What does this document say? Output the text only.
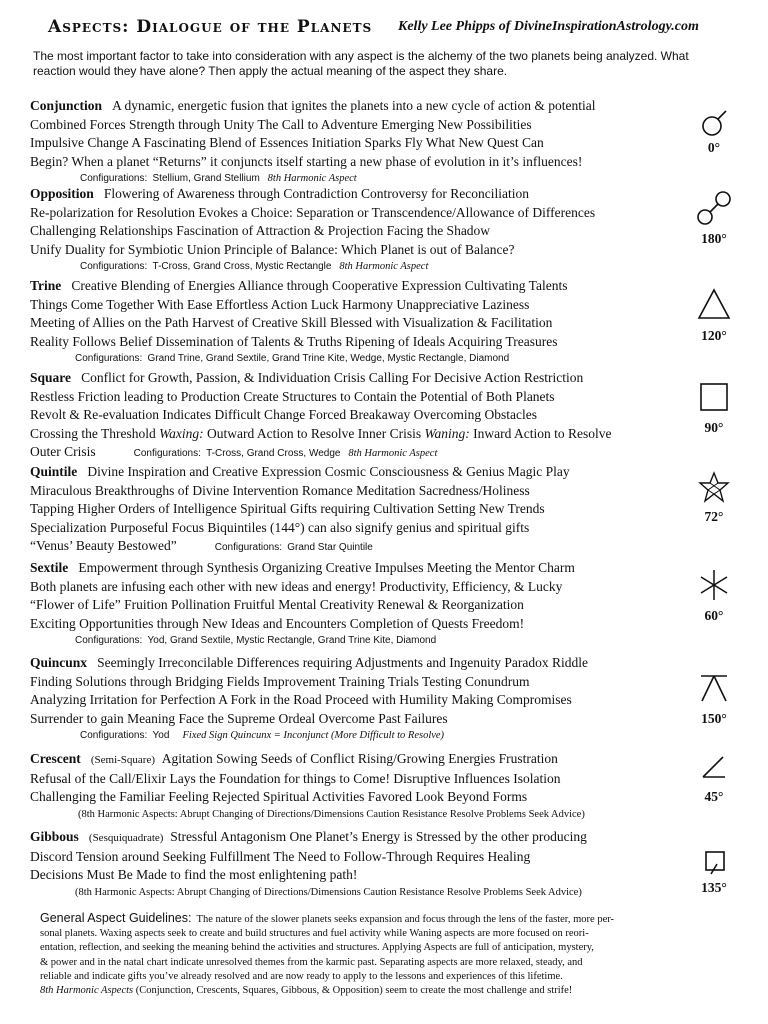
Aspects: Dialogue of the Planets Kelly Lee Phipps of DivineInspirationAstrology.com
The most important factor to take into consideration with any aspect is the alchemy of the two planets being analyzed. What reaction would they have alone? Then apply the actual meaning of the aspect they share.
Conjunction A dynamic, energetic fusion that ignites the planets into a new cycle of action & potential
Combined Forces Strength through Unity The Call to Adventure Emerging New Possibilities
Impulsive Change A Fascinating Blend of Essences Initiation Sparks Fly What New Quest Can
Begin? When a planet “Returns” it conjuncts itself starting a new phase of evolution in it’s influences!
Configurations: Stellium, Grand Stellium 8th Harmonic Aspect
0°
Opposition Flowering of Awareness through Contradiction Controversy for Reconciliation
Re-polarization for Resolution Evokes a Choice: Separation or Transcendence/Allowance of Differences
Challenging Relationships Fascination of Attraction & Projection Facing the Shadow
Unify Duality for Symbiotic Union Principle of Balance: Which Planet is out of Balance?
Configurations: T-Cross, Grand Cross, Mystic Rectangle 8th Harmonic Aspect
180°
Trine Creative Blending of Energies Alliance through Cooperative Expression Cultivating Talents
Things Come Together With Ease Effortless Action Luck Harmony Unappreciative Laziness
Meeting of Allies on the Path Harvest of Creative Skill Blessed with Visualization & Facilitation
Reality Follows Belief Dissemination of Talents & Truths Ripening of Ideals Acquiring Treasures
Configurations: Grand Trine, Grand Sextile, Grand Trine Kite, Wedge, Mystic Rectangle, Diamond
120°
Square Conflict for Growth, Passion, & Individuation Crisis Calling For Decisive Action Restriction
Restless Friction leading to Production Create Structures to Contain the Potential of Both Planets
Revolt & Re-evaluation Indicates Difficult Change Forced Breakaway Overcoming Obstacles
Crossing the Threshold Waxing: Outward Action to Resolve Inner Crisis Waning: Inward Action to Resolve
Outer Crisis	Configurations: T-Cross, Grand Cross, Wedge 8th Harmonic Aspect
90°
Quintile Divine Inspiration and Creative Expression Cosmic Consciousness & Genius Magic Play
Miraculous Breakthroughs of Divine Intervention Romance Meditation Sacredness/Holiness
Tapping Higher Orders of Intelligence Spiritual Gifts requiring Cultivation Setting New Trends
Specialization Purposeful Focus Biquintiles (144°) can also signify genius and spiritual gifts
“Venus’ Beauty Bestowed”	Configurations: Grand Star Quintile
72°
Sextile Empowerment through Synthesis Organizing Creative Impulses Meeting the Mentor Charm
Both planets are infusing each other with new ideas and energy! Productivity, Efficiency, & Lucky
“Flower of Life” Fruition Pollination Fruitful Mental Creativity Renewal & Reorganization
Exciting Opportunities through New Ideas and Encounters Completion of Quests Freedom!
Configurations: Yod, Grand Sextile, Mystic Rectangle, Grand Trine Kite, Diamond
60°
Quincunx Seemingly Irreconcilable Differences requiring Adjustments and Ingenuity Paradox Riddle
Finding Solutions through Bridging Fields Improvement Training Trials Testing Conundrum
Analyzing Irritation for Perfection A Fork in the Road Proceed with Humility Making Compromises
Surrender to gain Meaning Face the Supreme Ordeal Overcome Past Failures
Configurations: Yod Fixed Sign Quincunx = Inconjunct (More Difficult to Resolve)
150°
Crescent (Semi-Square) Agitation Sowing Seeds of Conflict Rising/Growing Energies Frustration
Refusal of the Call/Elixir Lays the Foundation for things to Come! Disruptive Influences Isolation
Challenging the Familiar Feeling Rejected Spiritual Activities Favored Look Beyond Forms
(8th Harmonic Aspects: Abrupt Changing of Directions/Dimensions Caution Resistance Resolve Problems Seek Advice)
45°
Gibbous (Sesquiquadrate) Stressful Antagonism One Planet’s Energy is Stressed by the other producing
Discord Tension around Seeking Fulfillment The Need to Follow-Through Requires Healing
Decisions Must Be Made to find the most enlightening path!
(8th Harmonic Aspects: Abrupt Changing of Directions/Dimensions Caution Resistance Resolve Problems Seek Advice)	135°
General Aspect Guidelines: The nature of the slower planets seeks expansion and focus through the lens of the faster, more per-
sonal planets. Waxing aspects seek to create and build structures and fuel activity while Waning aspects are more focused on reori-
entation, reflection, and seeking the meaning behind the activities and structures. Applying Aspects are full of anticipation, mystery,
& power and in the natal chart indicate unresolved themes from the karmic past. Separating aspects are more relaxed, steady, and
reliable and indicate gifts you’ve already resolved and are now ready to apply to the lessons and experiences of this lifetime.
8th Harmonic Aspects (Conjunction, Crescents, Squares, Gibbous, & Opposition) seem to create the most challenge and strife!
